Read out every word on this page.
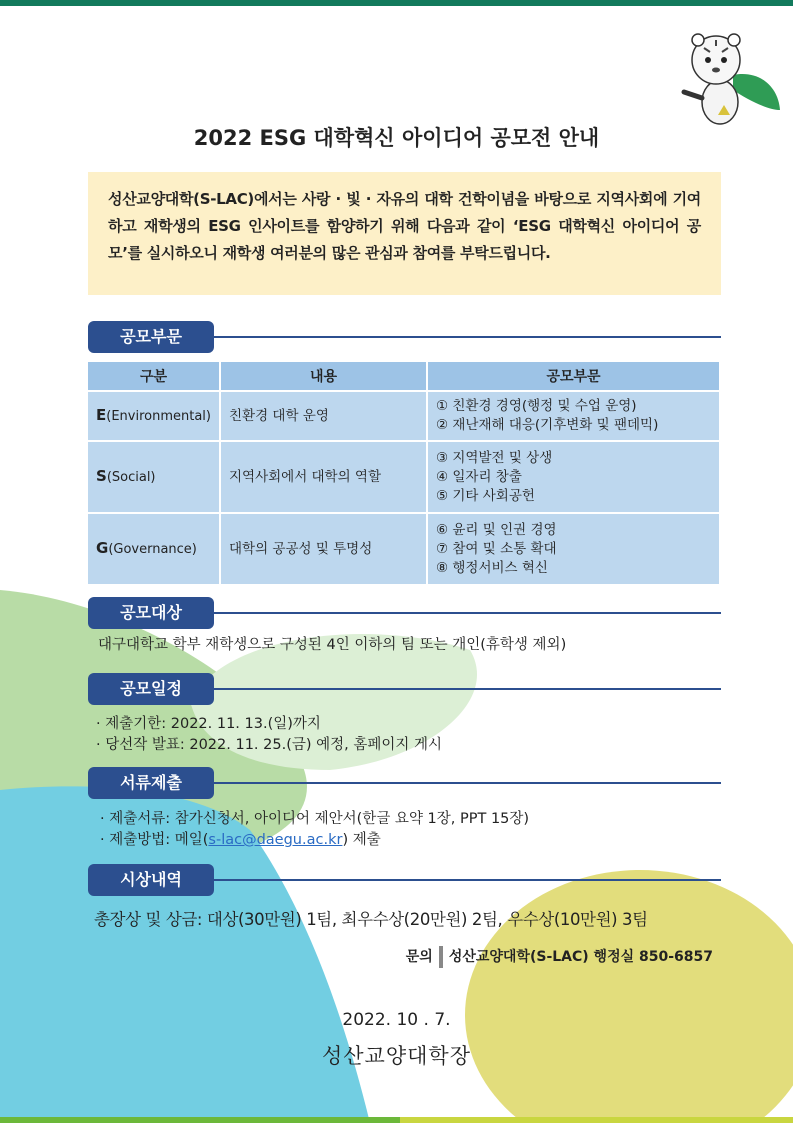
2022 ESG 대학혁신 아이디어 공모전 안내
성산교양대학(S-LAC)에서는 사랑 · 빛 · 자유의 대학 건학이념을 바탕으로 지역사회에 기여하고 재학생의 ESG 인사이트를 함양하기 위해 다음과 같이 ‘ESG 대학혁신 아이디어 공모’를 실시하오니 재학생 여러분의 많은 관심과 참여를 부탁드립니다.
공모부문
구분	내용	공모부문
E(Environmental)	친환경 대학 운영	① 친환경 경영(행정 및 수업 운영)
② 재난재해 대응(기후변화 및 팬데믹)

S(Social)	지역사회에서 대학의 역할	③ 지역발전 및 상생
④ 일자리 창출
⑤ 기타 사회공헌

G(Governance)	대학의 공공성 및 투명성	⑥ 윤리 및 인권 경영
⑦ 참여 및 소통 확대
⑧ 행정서비스 혁신
공모대상
대구대학교 학부 재학생으로 구성된 4인 이하의 팀 또는 개인(휴학생 제외)
공모일정
· 제출기한: 2022. 11. 13.(일)까지
· 당선작 발표: 2022. 11. 25.(금) 예정, 홈페이지 게시
서류제출
· 제출서류: 참가신청서, 아이디어 제안서(한글 요약 1장, PPT 15장)
· 제출방법: 메일(s-lac@daegu.ac.kr) 제출
시상내역
총장상 및 상금: 대상(30만원) 1팀, 최우수상(20만원) 2팀, 우수상(10만원) 3팀
문의 성산교양대학(S-LAC) 행정실 850-6857
2022. 10 . 7.
성산교양대학장
